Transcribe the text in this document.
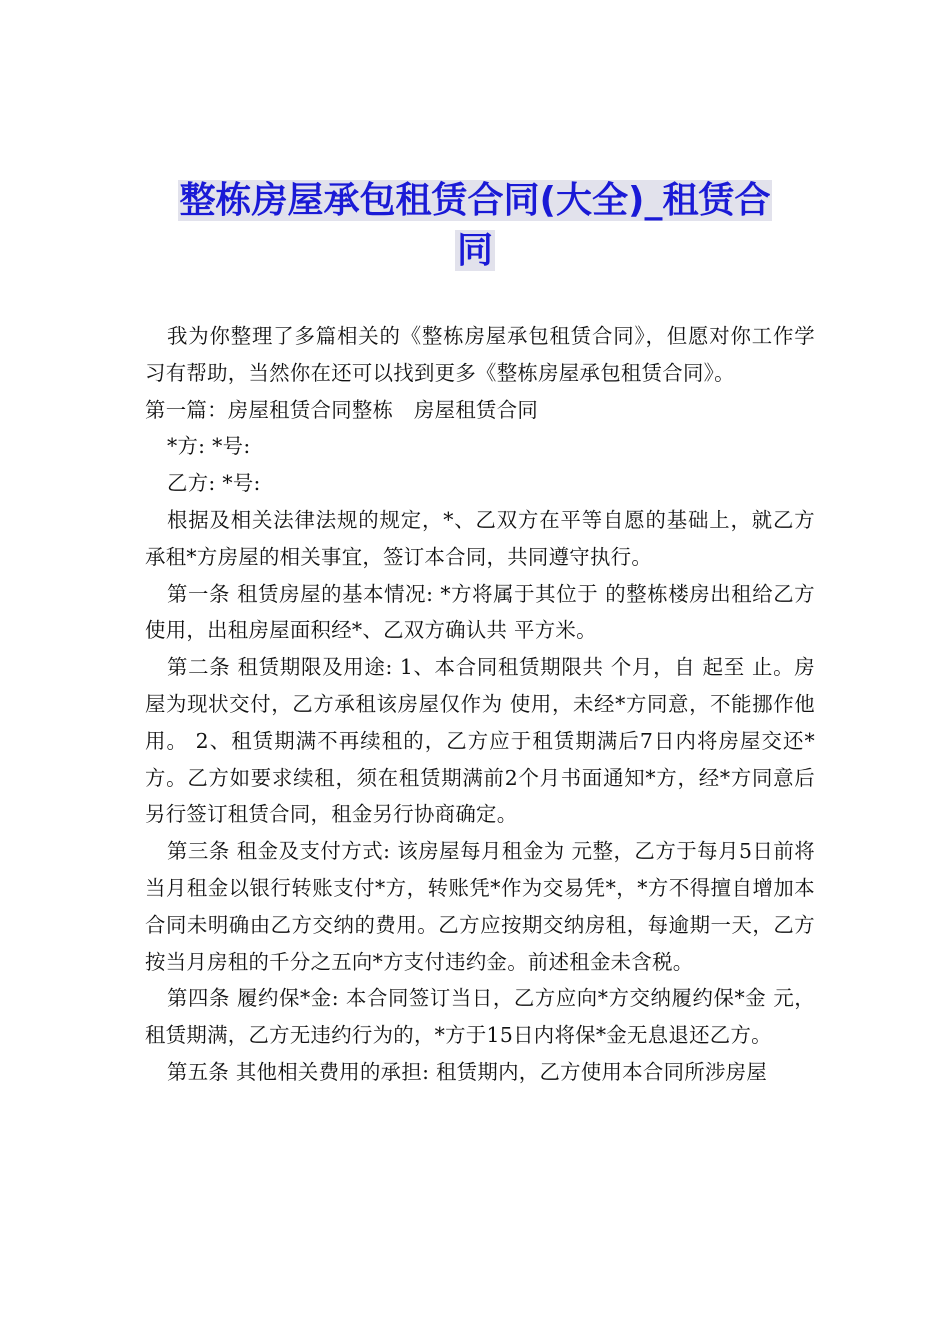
整栋房屋承包租赁合同(大全)_租赁合
同

我为你整理了多篇相关的《整栋房屋承包租赁合同》，但愿对你工作学习有帮助，当然你在还可以找到更多《整栋房屋承包租赁合同》。

第一篇：房屋租赁合同整栋　房屋租赁合同

*方: *号:

乙方: *号:

根据及相关法律法规的规定，*、乙双方在平等自愿的基础上，就乙方承租*方房屋的相关事宜，签订本合同，共同遵守执行。

第一条 租赁房屋的基本情况: *方将属于其位于 的整栋楼房出租给乙方使用，出租房屋面积经*、乙双方确认共 平方米。

第二条 租赁期限及用途: 1、本合同租赁期限共 个月，自 起至 止。房屋为现状交付，乙方承租该房屋仅作为 使用，未经*方同意，不能挪作他用。 2、租赁期满不再续租的，乙方应于租赁期满后7日内将房屋交还*方。乙方如要求续租，须在租赁期满前2个月书面通知*方，经*方同意后另行签订租赁合同，租金另行协商确定。

第三条 租金及支付方式: 该房屋每月租金为 元整，乙方于每月5日前将当月租金以银行转账支付*方，转账凭*作为交易凭*，*方不得擅自增加本合同未明确由乙方交纳的费用。乙方应按期交纳房租，每逾期一天，乙方按当月房租的千分之五向*方支付违约金。前述租金未含税。

第四条 履约保*金: 本合同签订当日，乙方应向*方交纳履约保*金 元，租赁期满，乙方无违约行为的，*方于15日内将保*金无息退还乙方。

第五条 其他相关费用的承担: 租赁期内，乙方使用本合同所涉房屋
